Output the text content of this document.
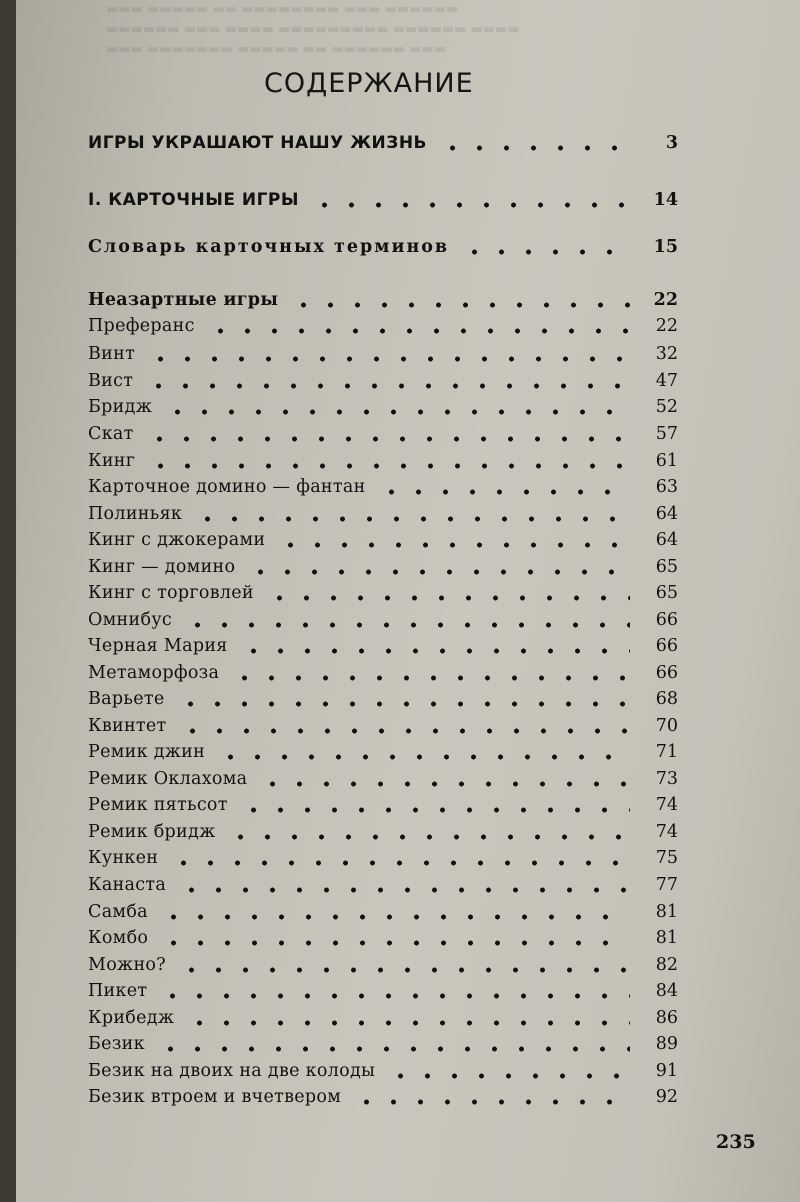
▬▬▬ ▬▬▬▬▬ ▬▬ ▬▬▬▬▬▬▬▬ ▬▬▬ ▬▬▬▬▬▬
▬▬▬▬▬▬ ▬▬▬ ▬▬▬▬ ▬▬▬▬▬▬▬▬▬ ▬▬▬▬▬▬ ▬▬▬▬
▬▬▬ ▬▬▬▬▬▬▬ ▬▬▬▬▬ ▬▬ ▬▬▬▬▬▬ ▬▬▬
СОДЕРЖАНИЕ
ИГРЫ УКРАШАЮТ НАШУ ЖИЗНЬ	3
I. КАРТОЧНЫЕ ИГРЫ	14
Словарь карточных терминов	15
Неазартные игры	22
Преферанс	22
Винт	32
Вист	47
Бридж	52
Скат	57
Кинг	61
Карточное домино — фантан	63
Полиньяк	64
Кинг с джокерами	64
Кинг — домино	65
Кинг с торговлей	65
Омнибус	66
Черная Мария	66
Метаморфоза	66
Варьете	68
Квинтет	70
Ремик джин	71
Ремик Оклахома	73
Ремик пятьсот	74
Ремик бридж	74
Кункен	75
Канаста	77
Самба	81
Комбо	81
Можно?	82
Пикет	84
Крибедж	86
Безик	89
Безик на двоих на две колоды	91
Безик втроем и вчетвером	92
235
